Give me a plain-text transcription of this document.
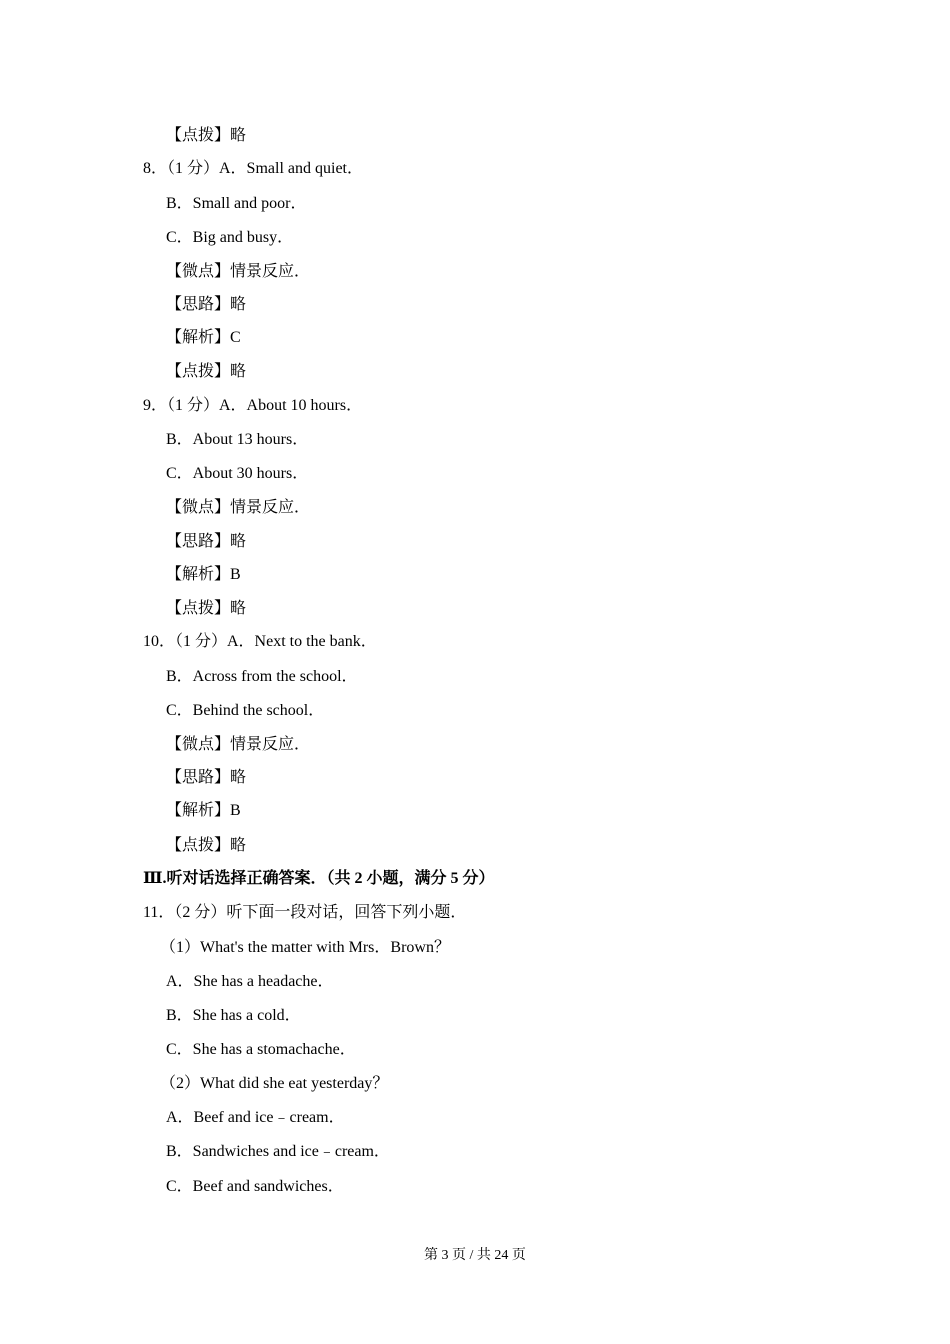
【点拨】略
8．（1 分）A．Small and quiet．
B．Small and poor．
C．Big and busy．
【微点】情景反应．
【思路】略
【解析】C
【点拨】略
9．（1 分）A．About 10 hours．
B．About 13 hours．
C．About 30 hours．
【微点】情景反应．
【思路】略
【解析】B
【点拨】略
10．（1 分）A．Next to the bank．
B．Across from the school．
C．Behind the school．
【微点】情景反应．
【思路】略
【解析】B
【点拨】略
Ⅲ.听对话选择正确答案．（共 2 小题，满分 5 分）
11．（2 分）听下面一段对话，回答下列小题．
（1）What's the matter with Mrs．Brown？
A．She has a headache．
B．She has a cold．
C．She has a stomachache．
（2）What did she eat yesterday？
A．Beef and ice﹣cream．
B．Sandwiches and ice﹣cream．
C．Beef and sandwiches．
第 3 页 / 共 24 页
